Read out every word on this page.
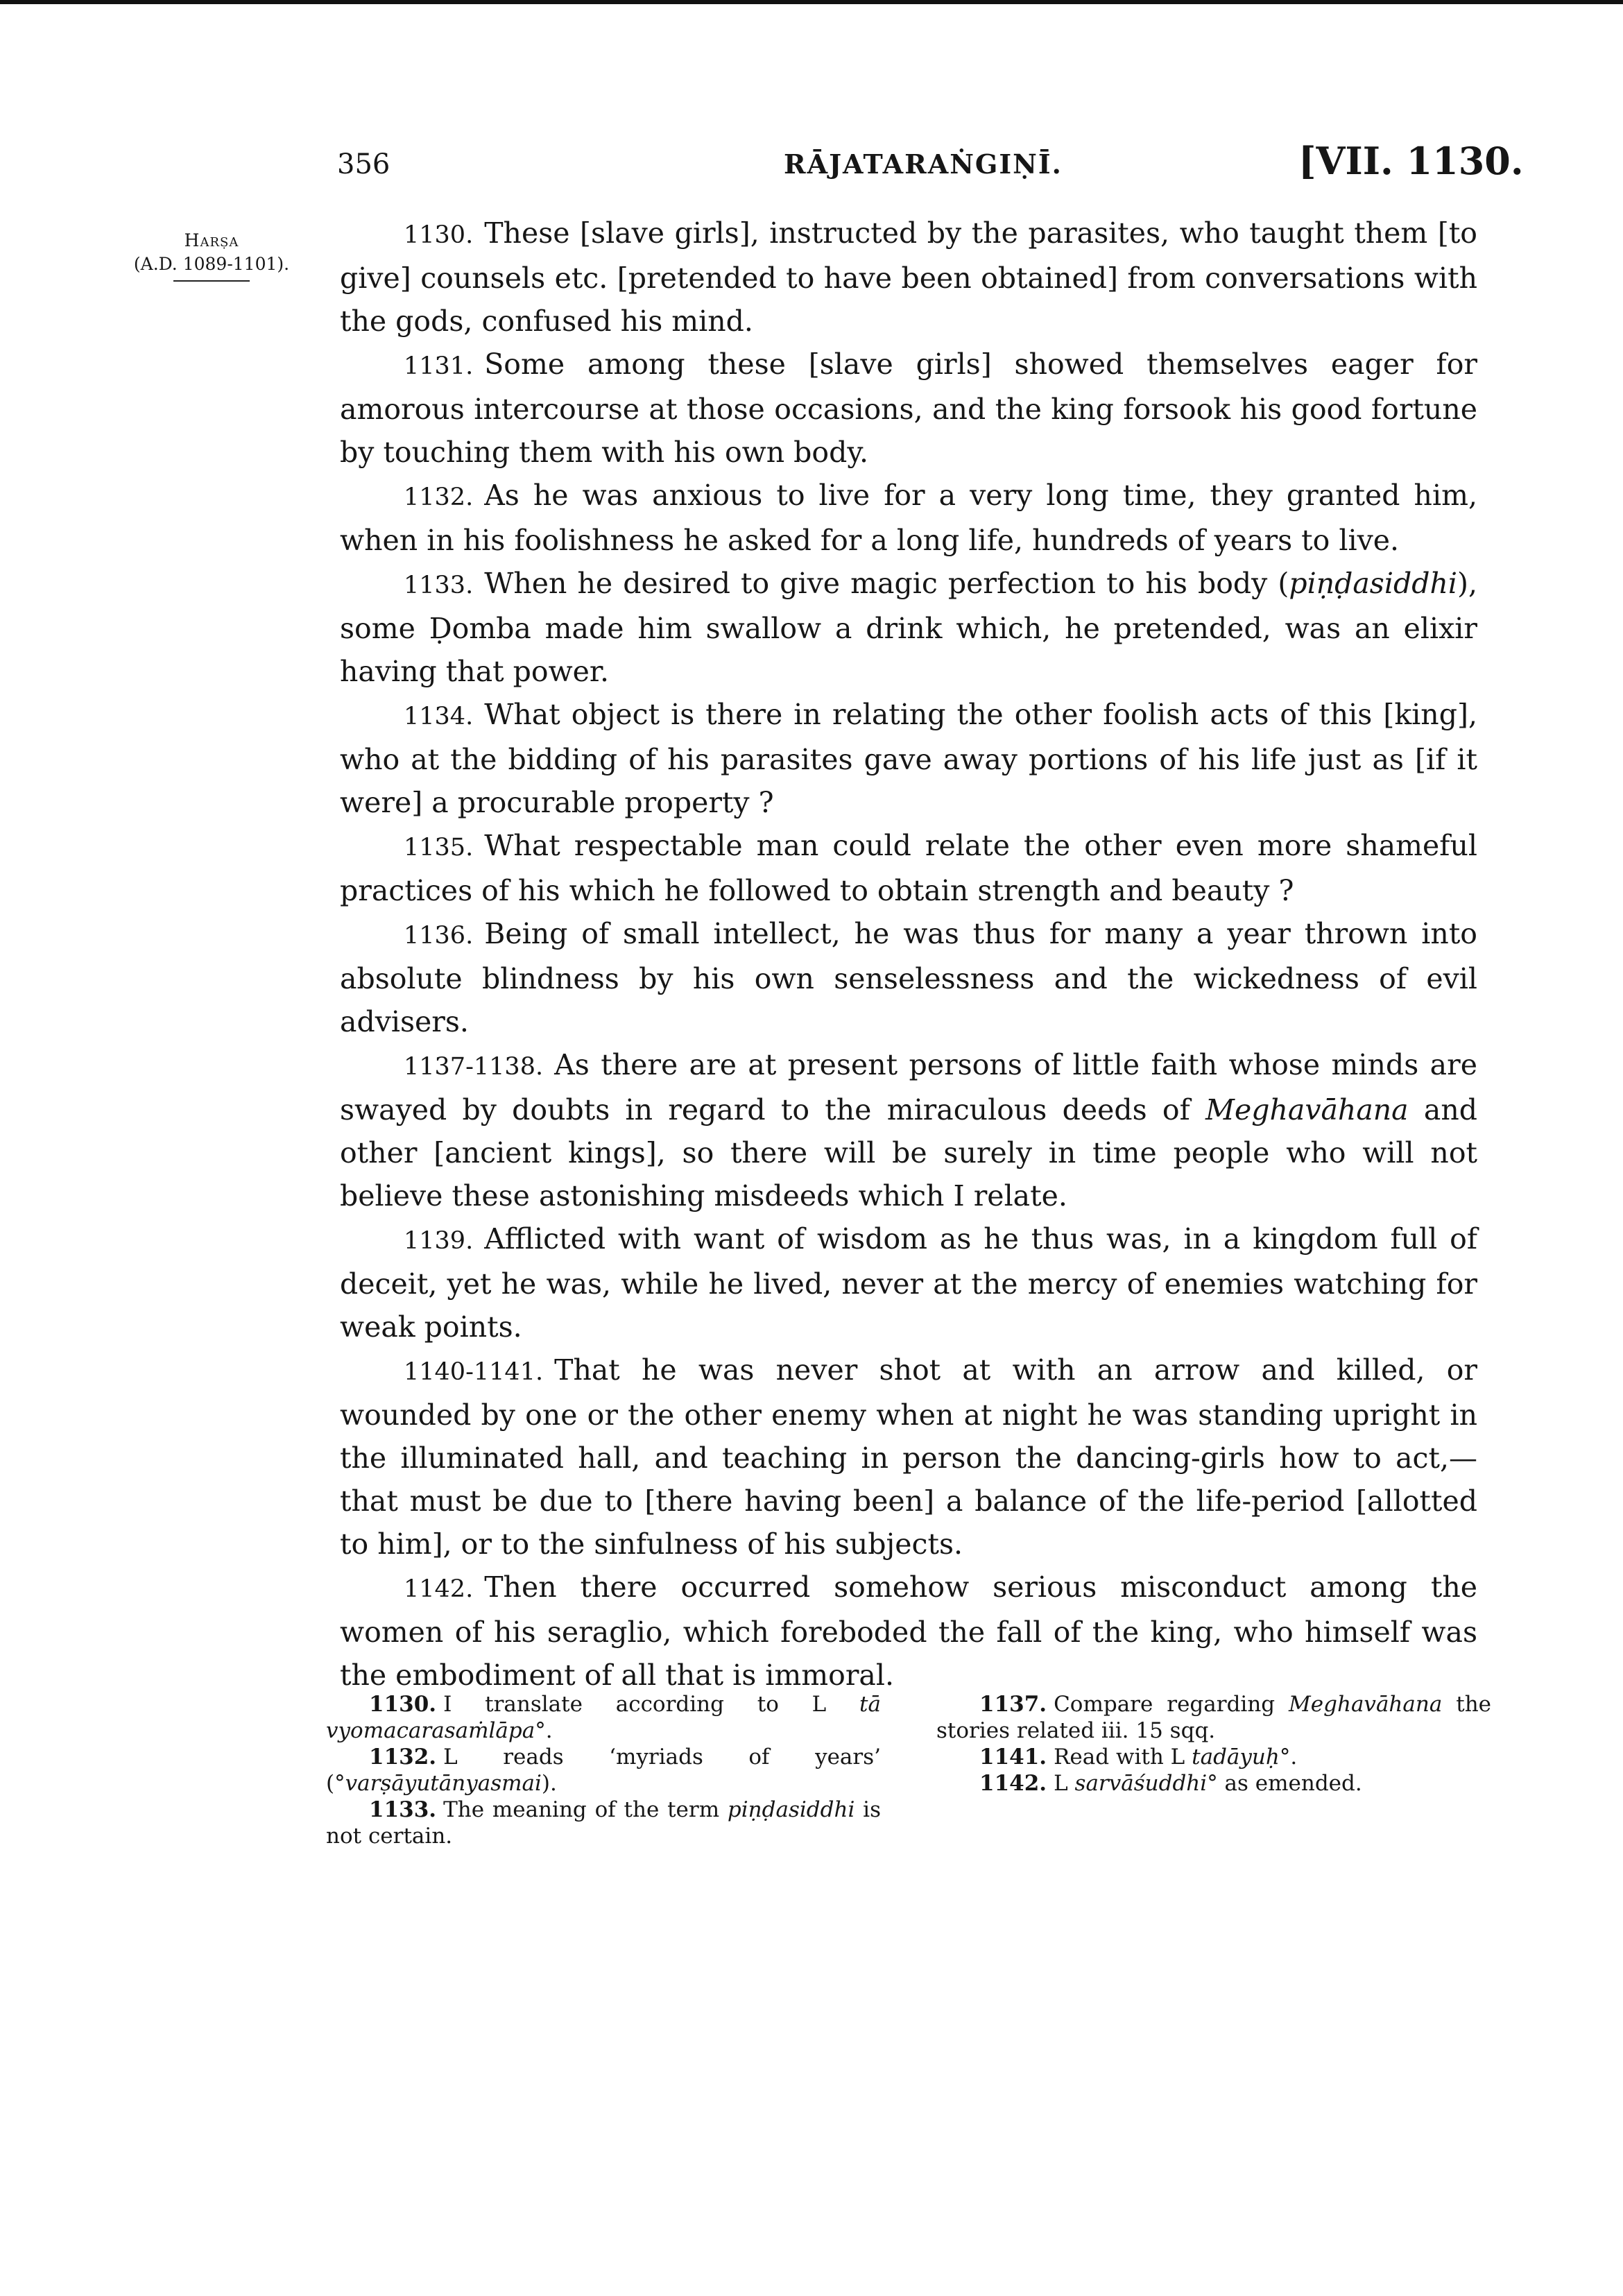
356	RĀJATARAṄGIṆĪ.	[VII. 1130.
Harṣa
(A.D. 1089-1101).

1130. These [slave girls], instructed by the parasites, who taught them [to give] counsels etc. [pretended to have been obtained] from conversations with the gods, confused his mind.

1131. Some among these [slave girls] showed themselves eager for amorous intercourse at those occasions, and the king forsook his good fortune by touching them with his own body.

1132. As he was anxious to live for a very long time, they granted him, when in his foolishness he asked for a long life, hundreds of years to live.

1133. When he desired to give magic perfection to his body (piṇḍasiddhi), some Ḍomba made him swallow a drink which, he pretended, was an elixir having that power.

1134. What object is there in relating the other foolish acts of this [king], who at the bidding of his parasites gave away portions of his life just as [if it were] a procurable property ?

1135. What respectable man could relate the other even more shameful practices of his which he followed to obtain strength and beauty ?

1136. Being of small intellect, he was thus for many a year thrown into absolute blindness by his own senselessness and the wickedness of evil advisers.

1137-1138. As there are at present persons of little faith whose minds are swayed by doubts in regard to the miraculous deeds of Meghavāhana and other [ancient kings], so there will be surely in time people who will not believe these astonishing misdeeds which I relate.

1139. Afflicted with want of wisdom as he thus was, in a kingdom full of deceit, yet he was, while he lived, never at the mercy of enemies watching for weak points.

1140-1141. That he was never shot at with an arrow and killed, or wounded by one or the other enemy when at night he was standing upright in the illuminated hall, and teaching in person the dancing-girls how to act,—that must be due to [there having been] a balance of the life-period [allotted to him], or to the sinfulness of his subjects.

1142. Then there occurred somehow serious misconduct among the women of his seraglio, which foreboded the fall of the king, who himself was the embodiment of all that is immoral.

1130. I translate according to L tā vyomacarasaṁlāpa°.

1132. L reads ‘myriads of years’ (°varṣāyutānyasmai).

1133. The meaning of the term piṇḍasiddhi is not certain.

1137. Compare regarding Meghavāhana the stories related iii. 15 sqq.

1141. Read with L tadāyuḥ°.

1142. L sarvāśuddhi° as emended.
